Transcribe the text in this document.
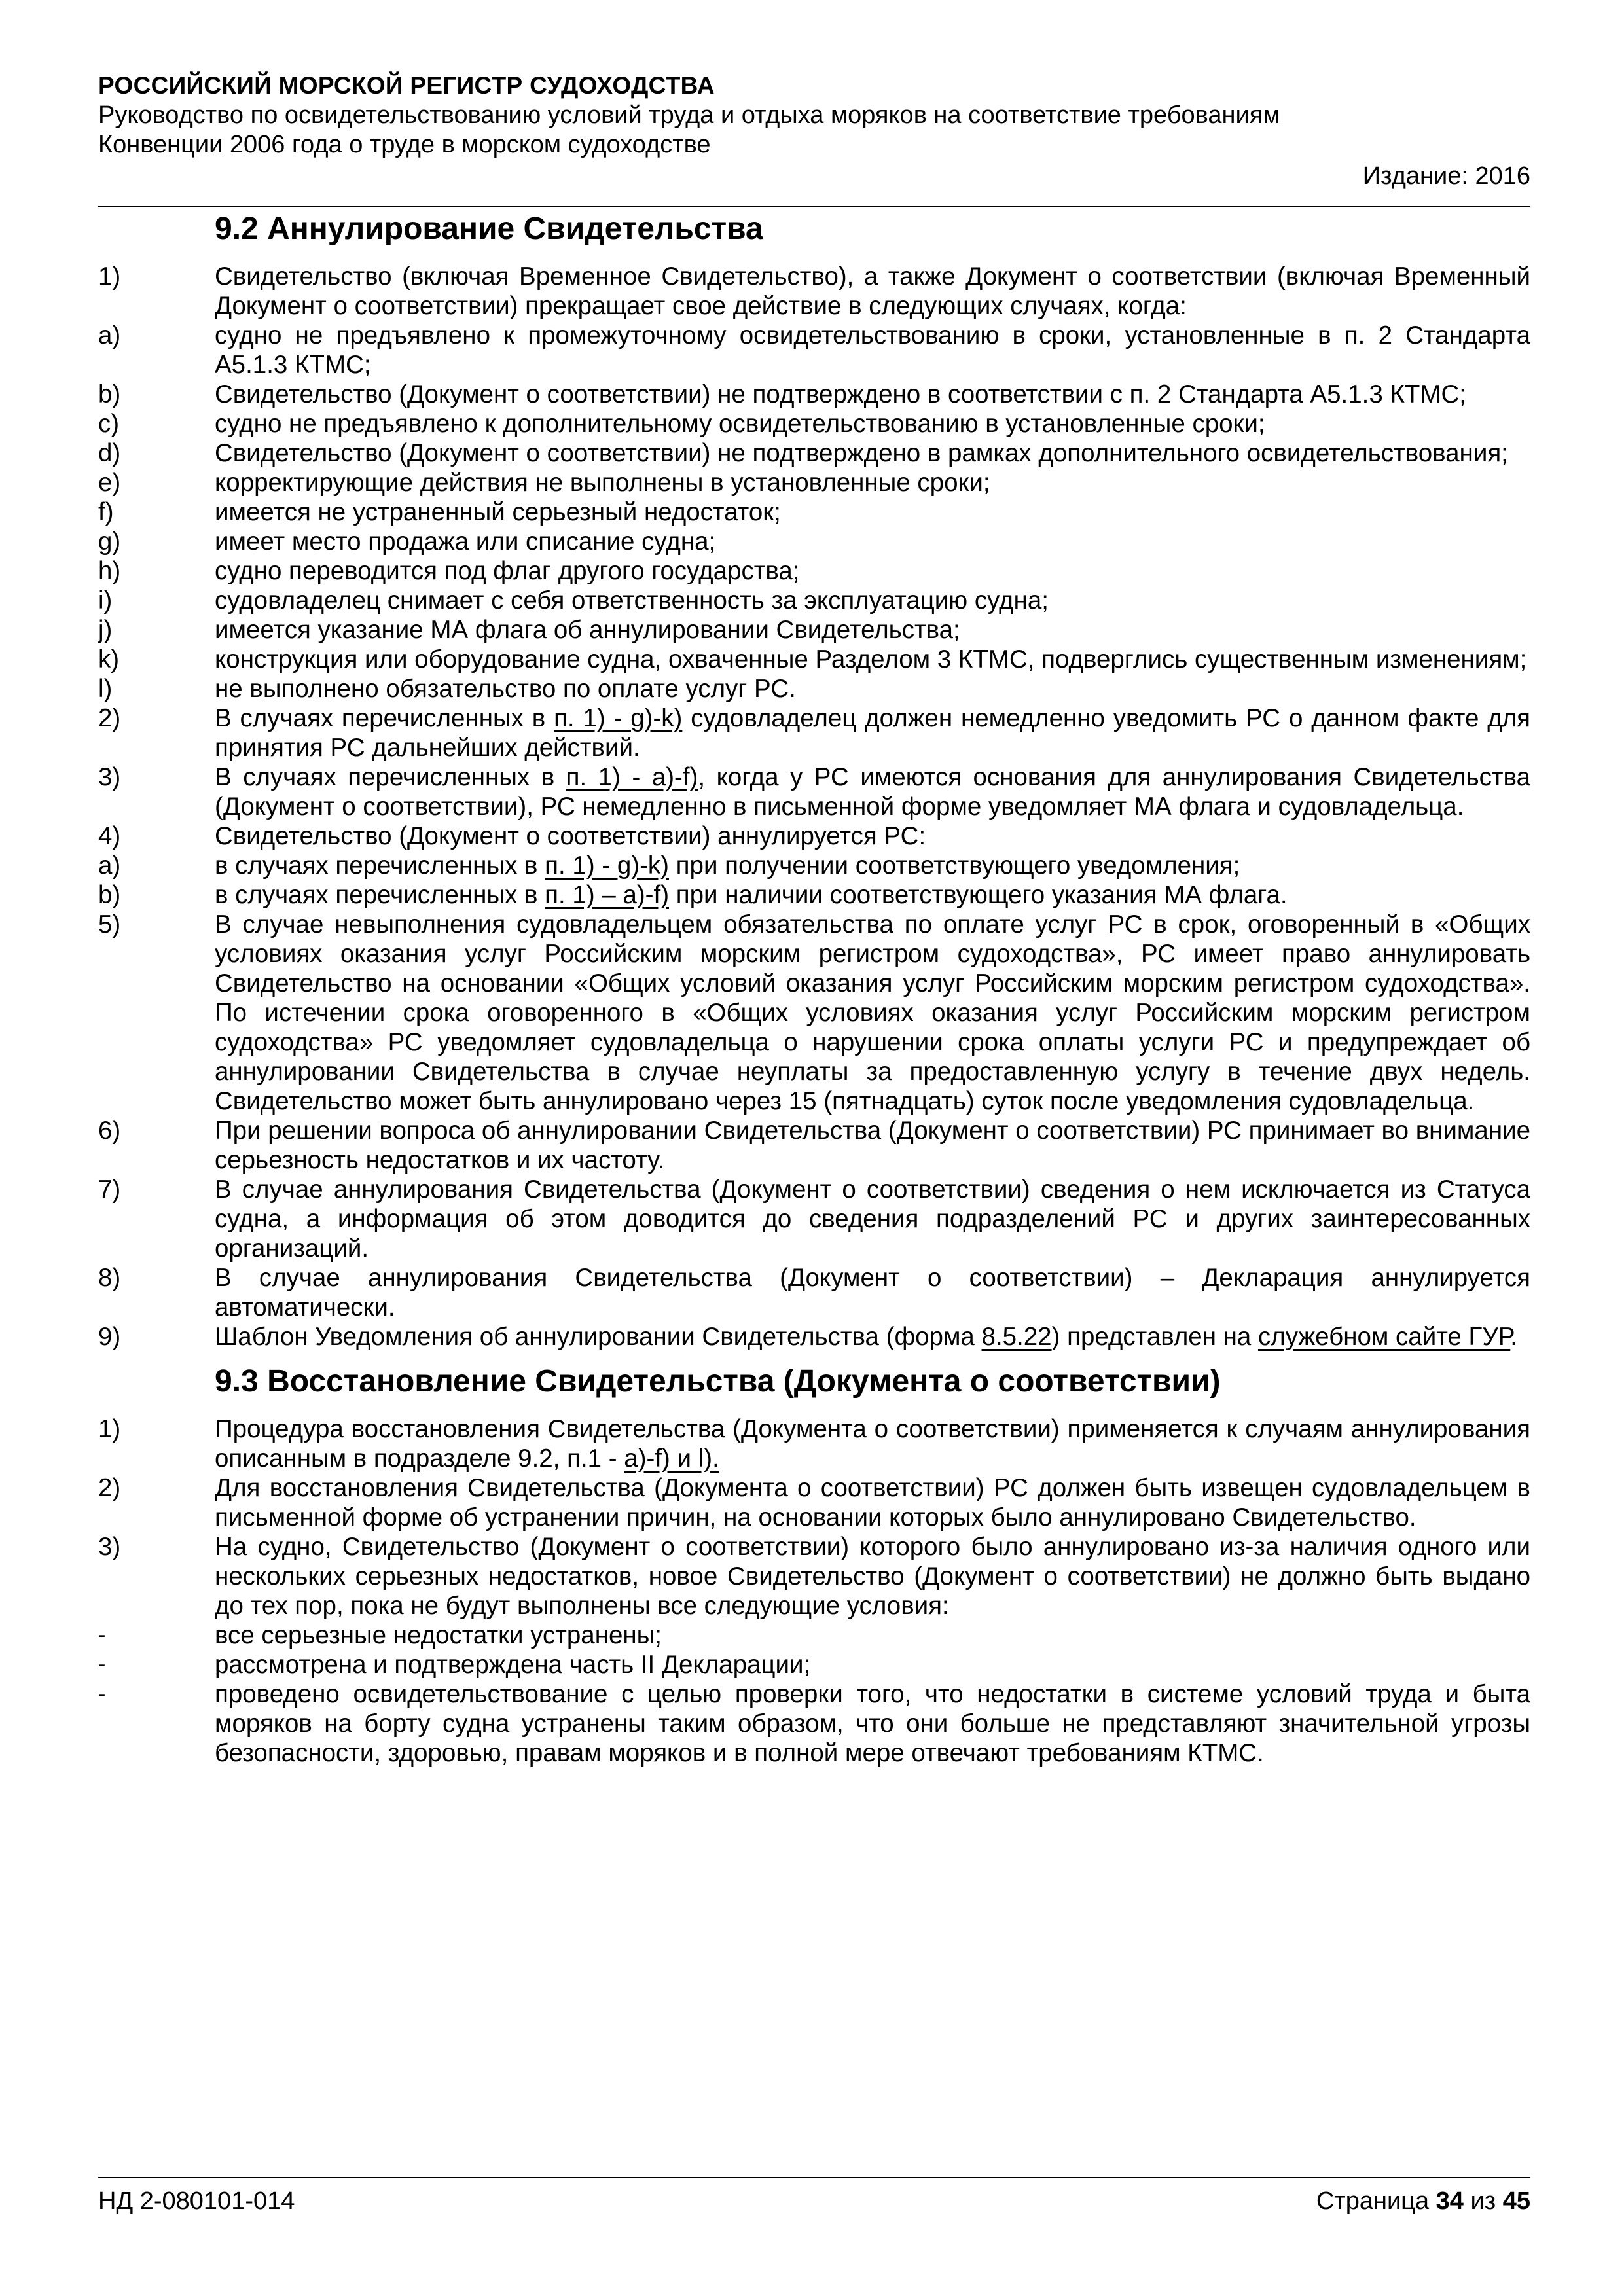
РОССИЙСКИЙ МОРСКОЙ РЕГИСТР СУДОХОДСТВА
Руководство по освидетельствованию условий труда и отдыха моряков на соответствие требованиям
Конвенции 2006 года о труде в морском судоходстве
Издание: 2016
9.2 Аннулирование Свидетельства
1)	Свидетельство (включая Временное Свидетельство), а также Документ о соответствии (включая Временный Документ о соответствии) прекращает свое действие в следующих случаях, когда:
a)	судно не предъявлено к промежуточному освидетельствованию в сроки, установленные в п. 2 Стандарта А5.1.3 КТМС;
b)	Свидетельство (Документ о соответствии) не подтверждено в соответствии с п. 2 Стандарта А5.1.3 КТМС;
c)	судно не предъявлено к дополнительному освидетельствованию в установленные сроки;
d)	Свидетельство (Документ о соответствии) не подтверждено в рамках дополнительного освидетельствования;
e)	корректирующие действия не выполнены в установленные сроки;
f)	имеется не устраненный серьезный недостаток;
g)	имеет место продажа или списание судна;
h)	судно переводится под флаг другого государства;
i)	судовладелец снимает с себя ответственность за эксплуатацию судна;
j)	имеется указание МА флага об аннулировании Свидетельства;
k)	конструкция или оборудование судна, охваченные Разделом 3 КТМС, подверглись существенным изменениям;
l)	не выполнено обязательство по оплате услуг РС.
2)	В случаях перечисленных в п. 1) - g)-k) судовладелец должен немедленно уведомить РС о данном факте для принятия РС дальнейших действий.
3)	В случаях перечисленных в п. 1) - a)-f), когда у РС имеются основания для аннулирования Свидетельства (Документ о соответствии), РС немедленно в письменной форме уведомляет МА флага и судовладельца.
4)	Свидетельство (Документ о соответствии) аннулируется РС:
a)	в случаях перечисленных в п. 1) - g)-k) при получении соответствующего уведомления;
b)	в случаях перечисленных в п. 1) – a)-f) при наличии соответствующего указания МА флага.
5)	В случае невыполнения судовладельцем обязательства по оплате услуг РС в срок, оговоренный в «Общих условиях оказания услуг Российским морским регистром судоходства», РС имеет право аннулировать Свидетельство на основании «Общих условий оказания услуг Российским морским регистром судоходства». По истечении срока оговоренного в «Общих условиях оказания услуг Российским морским регистром судоходства» РС уведомляет судовладельца о нарушении срока оплаты услуги РС и предупреждает об аннулировании Свидетельства в случае неуплаты за предоставленную услугу в течение двух недель. Свидетельство может быть аннулировано через 15 (пятнадцать) суток после уведомления судовладельца.
6)	При решении вопроса об аннулировании Свидетельства (Документ о соответствии) РС принимает во внимание серьезность недостатков и их частоту.
7)	В случае аннулирования Свидетельства (Документ о соответствии) сведения о нем исключается из Статуса судна, а информация об этом доводится до сведения подразделений РС и других заинтересованных организаций.
8)	В случае аннулирования Свидетельства (Документ о соответствии) – Декларация аннулируется автоматически.
9)	Шаблон Уведомления об аннулировании Свидетельства (форма 8.5.22) представлен на служебном сайте ГУР.
9.3 Восстановление Свидетельства (Документа о соответствии)
1)	Процедура восстановления Свидетельства (Документа о соответствии) применяется к случаям аннулирования описанным в подразделе 9.2, п.1 - a)-f) и l).
2)	Для восстановления Свидетельства (Документа о соответствии) РС должен быть извещен судовладельцем в письменной форме об устранении причин, на основании которых было аннулировано Свидетельство.
3)	На судно, Свидетельство (Документ о соответствии) которого было аннулировано из-за наличия одного или нескольких серьезных недостатков, новое Свидетельство (Документ о соответствии) не должно быть выдано до тех пор, пока не будут выполнены все следующие условия:
-	все серьезные недостатки устранены;
-	рассмотрена и подтверждена часть II Декларации;
-	проведено освидетельствование с целью проверки того, что недостатки в системе условий труда и быта моряков на борту судна устранены таким образом, что они больше не представляют значительной угрозы безопасности, здоровью, правам моряков и в полной мере отвечают требованиям КТМС.
НД 2-080101-014	Страница 34 из 45
